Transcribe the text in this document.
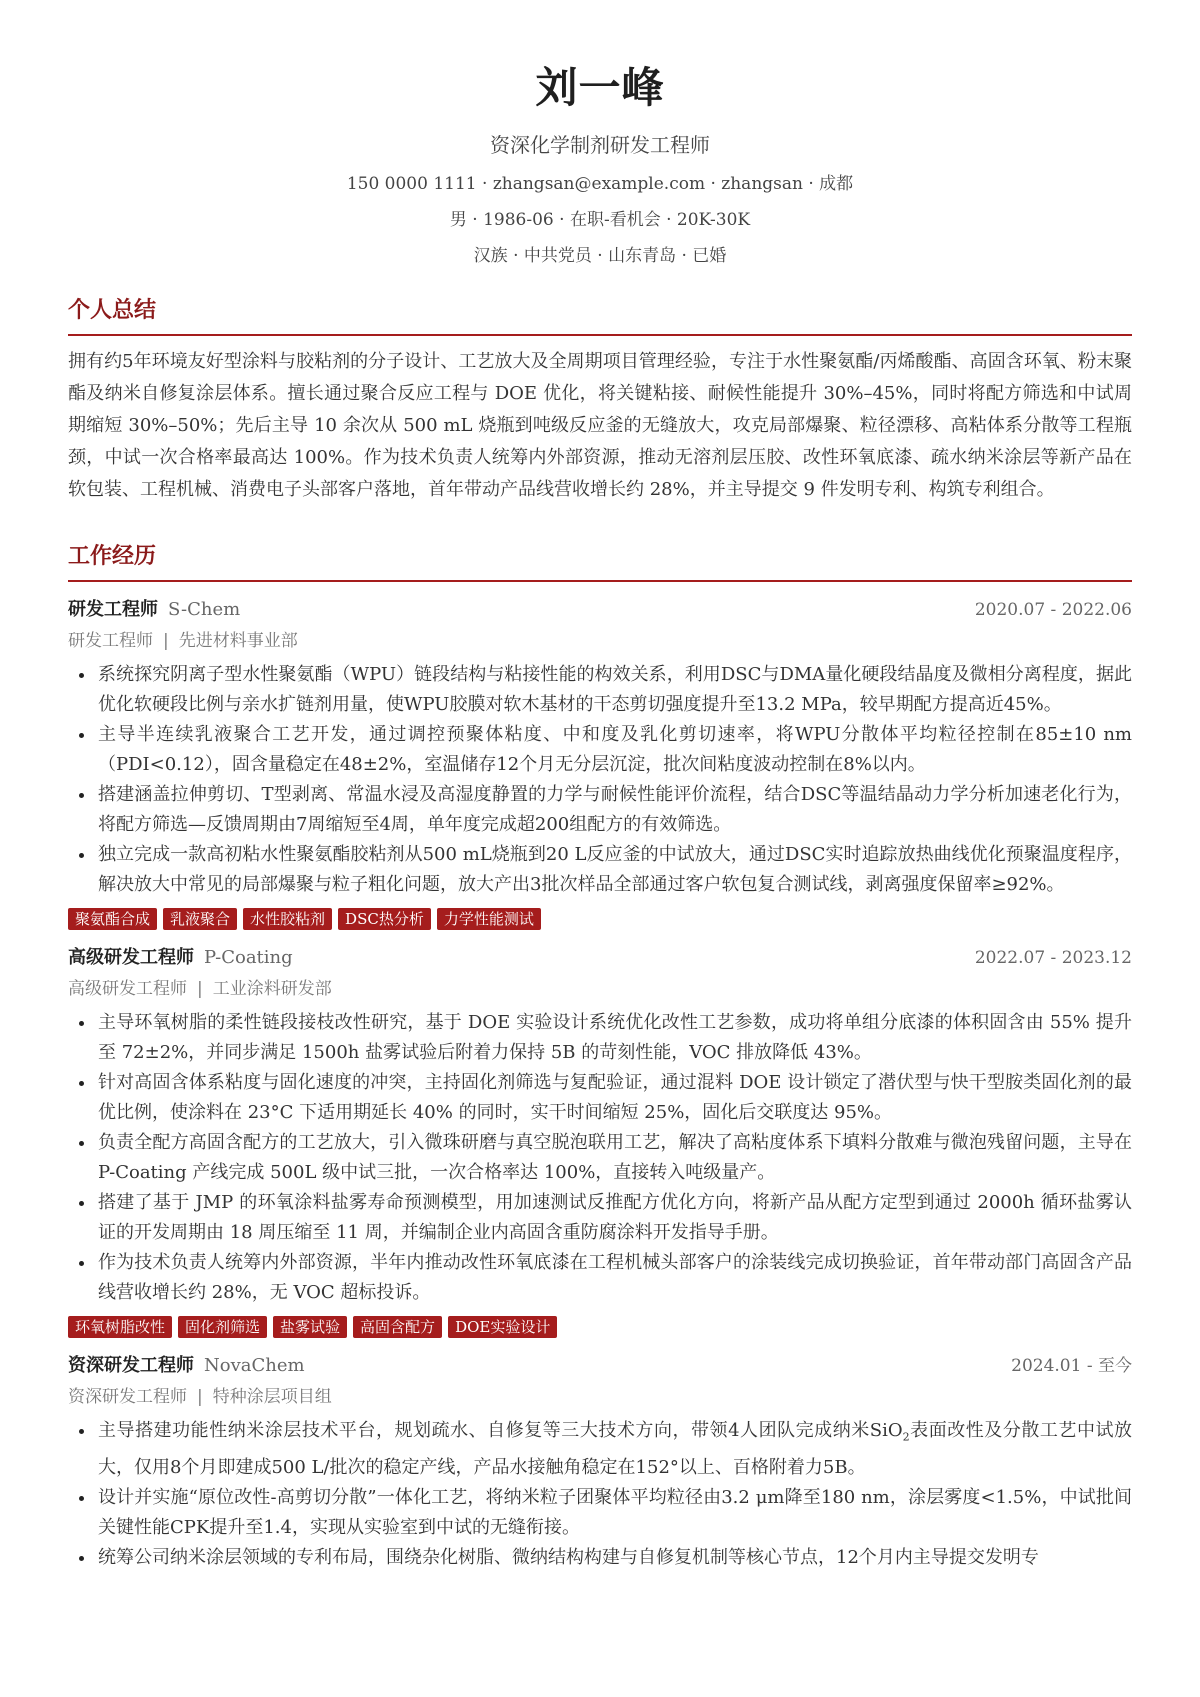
刘一峰
资深化学制剂研发工程师
150 0000 1111 · zhangsan@example.com · zhangsan · 成都
男 · 1986-06 · 在职-看机会 · 20K-30K
汉族 · 中共党员 · 山东青岛 · 已婚
个人总结
拥有约5年环境友好型涂料与胶粘剂的分子设计、工艺放大及全周期项目管理经验，专注于水性聚氨酯/丙烯酸酯、高固含环氧、粉末聚酯及纳米自修复涂层体系。擅长通过聚合反应工程与 DOE 优化，将关键粘接、耐候性能提升 30%–45%，同时将配方筛选和中试周期缩短 30%–50%；先后主导 10 余次从 500 mL 烧瓶到吨级反应釜的无缝放大，攻克局部爆聚、粒径漂移、高粘体系分散等工程瓶颈，中试一次合格率最高达 100%。作为技术负责人统筹内外部资源，推动无溶剂层压胶、改性环氧底漆、疏水纳米涂层等新产品在软包装、工程机械、消费电子头部客户落地，首年带动产品线营收增长约 28%，并主导提交 9 件发明专利、构筑专利组合。
工作经历
研发工程师 S-Chem	2020.07 - 2022.06
研发工程师 | 先进材料事业部
• 系统探究阴离子型水性聚氨酯（WPU）链段结构与粘接性能的构效关系，利用DSC与DMA量化硬段结晶度及微相分离程度，据此优化软硬段比例与亲水扩链剂用量，使WPU胶膜对软木基材的干态剪切强度提升至13.2 MPa，较早期配方提高近45%。
• 主导半连续乳液聚合工艺开发，通过调控预聚体粘度、中和度及乳化剪切速率，将WPU分散体平均粒径控制在85±10 nm（PDI<0.12），固含量稳定在48±2%，室温储存12个月无分层沉淀，批次间粘度波动控制在8%以内。
• 搭建涵盖拉伸剪切、T型剥离、常温水浸及高湿度静置的力学与耐候性能评价流程，结合DSC等温结晶动力学分析加速老化行为，将配方筛选—反馈周期由7周缩短至4周，单年度完成超200组配方的有效筛选。
• 独立完成一款高初粘水性聚氨酯胶粘剂从500 mL烧瓶到20 L反应釜的中试放大，通过DSC实时追踪放热曲线优化预聚温度程序，解决放大中常见的局部爆聚与粒子粗化问题，放大产出3批次样品全部通过客户软包复合测试线，剥离强度保留率≥92%。
聚氨酯合成	乳液聚合	水性胶粘剂	DSC热分析	力学性能测试
高级研发工程师 P-Coating	2022.07 - 2023.12
高级研发工程师 | 工业涂料研发部
• 主导环氧树脂的柔性链段接枝改性研究，基于 DOE 实验设计系统优化改性工艺参数，成功将单组分底漆的体积固含由 55% 提升至 72±2%，并同步满足 1500h 盐雾试验后附着力保持 5B 的苛刻性能，VOC 排放降低 43%。
• 针对高固含体系粘度与固化速度的冲突，主持固化剂筛选与复配验证，通过混料 DOE 设计锁定了潜伏型与快干型胺类固化剂的最优比例，使涂料在 23°C 下适用期延长 40% 的同时，实干时间缩短 25%，固化后交联度达 95%。
• 负责全配方高固含配方的工艺放大，引入微珠研磨与真空脱泡联用工艺，解决了高粘度体系下填料分散难与微泡残留问题，主导在 P-Coating 产线完成 500L 级中试三批，一次合格率达 100%，直接转入吨级量产。
• 搭建了基于 JMP 的环氧涂料盐雾寿命预测模型，用加速测试反推配方优化方向，将新产品从配方定型到通过 2000h 循环盐雾认证的开发周期由 18 周压缩至 11 周，并编制企业内高固含重防腐涂料开发指导手册。
• 作为技术负责人统筹内外部资源，半年内推动改性环氧底漆在工程机械头部客户的涂装线完成切换验证，首年带动部门高固含产品线营收增长约 28%，无 VOC 超标投诉。
环氧树脂改性	固化剂筛选	盐雾试验	高固含配方	DOE实验设计
资深研发工程师 NovaChem	2024.01 - 至今
资深研发工程师 | 特种涂层项目组
• 主导搭建功能性纳米涂层技术平台，规划疏水、自修复等三大技术方向，带领4人团队完成纳米SiO$_2$表面改性及分散工艺中试放大，仅用8个月即建成500 L/批次的稳定产线，产品水接触角稳定在152°以上、百格附着力5B。
• 设计并实施“原位改性-高剪切分散”一体化工艺，将纳米粒子团聚体平均粒径由3.2 μm降至180 nm，涂层雾度<1.5%，中试批间关键性能CPK提升至1.4，实现从实验室到中试的无缝衔接。
• 统筹公司纳米涂层领域的专利布局，围绕杂化树脂、微纳结构构建与自修复机制等核心节点，12个月内主导提交发明专
